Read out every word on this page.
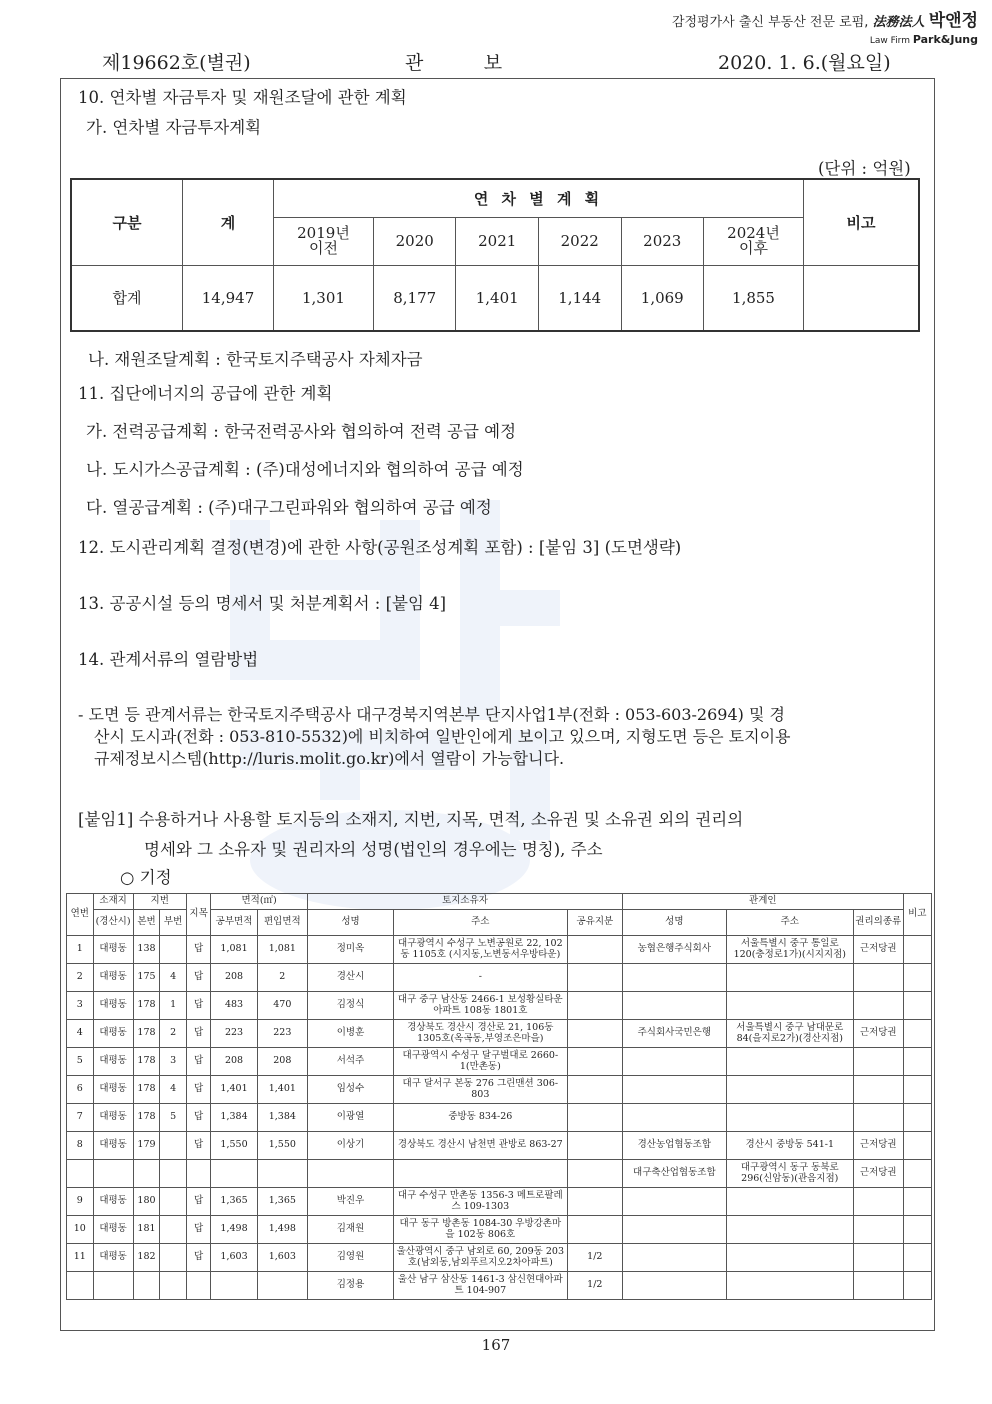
감정평가사 출신 부동산 전문 로펌, 法務法人 박앤정
Law Firm Park&Jung
제19662호(별권)	관          보	2020. 1. 6.(월요일)
10. 연차별 자금투자 및 재원조달에 관한 계획
가. 연차별 자금투자계획
(단위 : 억원)
구분	계	연 차 별 계 획						비고
		2019년
이전	2020	2021	2022	2023	2024년
이후	
합계	14,947	1,301	8,177	1,401	1,144	1,069	1,855	
나. 재원조달계획 : 한국토지주택공사 자체자금
11. 집단에너지의 공급에 관한 계획
가. 전력공급계획 : 한국전력공사와 협의하여 전력 공급 예정
나. 도시가스공급계획 : (주)대성에너지와 협의하여 공급 예정
다. 열공급계획 : (주)대구그린파워와 협의하여 공급 예정
12. 도시관리계획 결정(변경)에 관한 사항(공원조성계획 포함) : [붙임 3] (도면생략)
13. 공공시설 등의 명세서 및 처분계획서 : [붙임 4]
14. 관계서류의 열람방법
- 도면 등 관계서류는 한국토지주택공사 대구경북지역본부 단지사업1부(전화 : 053-603-2694) 및 경
산시 도시과(전화 : 053-810-5532)에 비치하여 일반인에게 보이고 있으며, 지형도면 등은 토지이용
규제정보시스템(http://luris.molit.go.kr)에서 열람이 가능합니다.
[붙임1] 수용하거나 사용할 토지등의 소재지, 지번, 지목, 면적, 소유권 및 소유권 외의 권리의
명세와 그 소유자 및 권리자의 성명(법인의 경우에는 명칭), 주소
○ 기정
연번	소재지	지번		지목	면적(㎡)		토지소유자			관계인			비고
	(경산시)	본번	부번		공부면적	편입면적	성명	주소	공유지분	성명	주소	권리의종류	
1	대평동	138		답	1,081	1,081	정미옥	대구광역시 수성구 노변공원로 22, 102동 1105호 (시지동,노변동서우방타운)		농협은행주식회사	서울특별시 중구 통일로 120(충정로1가)(시지지점)	근저당권	
2	대평동	175	4	답	208	2	경산시	-					
3	대평동	178	1	답	483	470	김정식	대구 중구 남산동 2466-1 보성황실타운아파트 108동 1801호					
4	대평동	178	2	답	223	223	이병훈	경상북도 경산시 경산로 21, 106동 1305호(옥곡동,부영조은마을)		주식회사국민은행	서울특별시 중구 남대문로 84(을지로2가)(경산지점)	근저당권	
5	대평동	178	3	답	208	208	서석주	대구광역시 수성구 달구벌대로 2660-1(만촌동)					
6	대평동	178	4	답	1,401	1,401	임성수	대구 달서구 본동 276 그린맨션 306-803					
7	대평동	178	5	답	1,384	1,384	이광열	중방동 834-26					
8	대평동	179		답	1,550	1,550	이상기	경상북도 경산시 남천면 관방로 863-27		경산농업협동조합	경산시 중방동 541-1	근저당권	
										대구축산업협동조합	대구광역시 동구 동북로 296(신암동)(관음지점)	근저당권	
9	대평동	180		답	1,365	1,365	박진우	대구 수성구 만촌동 1356-3 메트로팔레스 109-1303					
10	대평동	181		답	1,498	1,498	김재원	대구 동구 방촌동 1084-30 우방강촌마을 102동 806호					
11	대평동	182		답	1,603	1,603	김영원	울산광역시 중구 남외로 60, 209동 203호(남외동,남외푸르지오2차아파트)	1/2				
							김정용	울산 남구 삼산동 1461-3 삼신현대아파트 104-907	1/2				
167
